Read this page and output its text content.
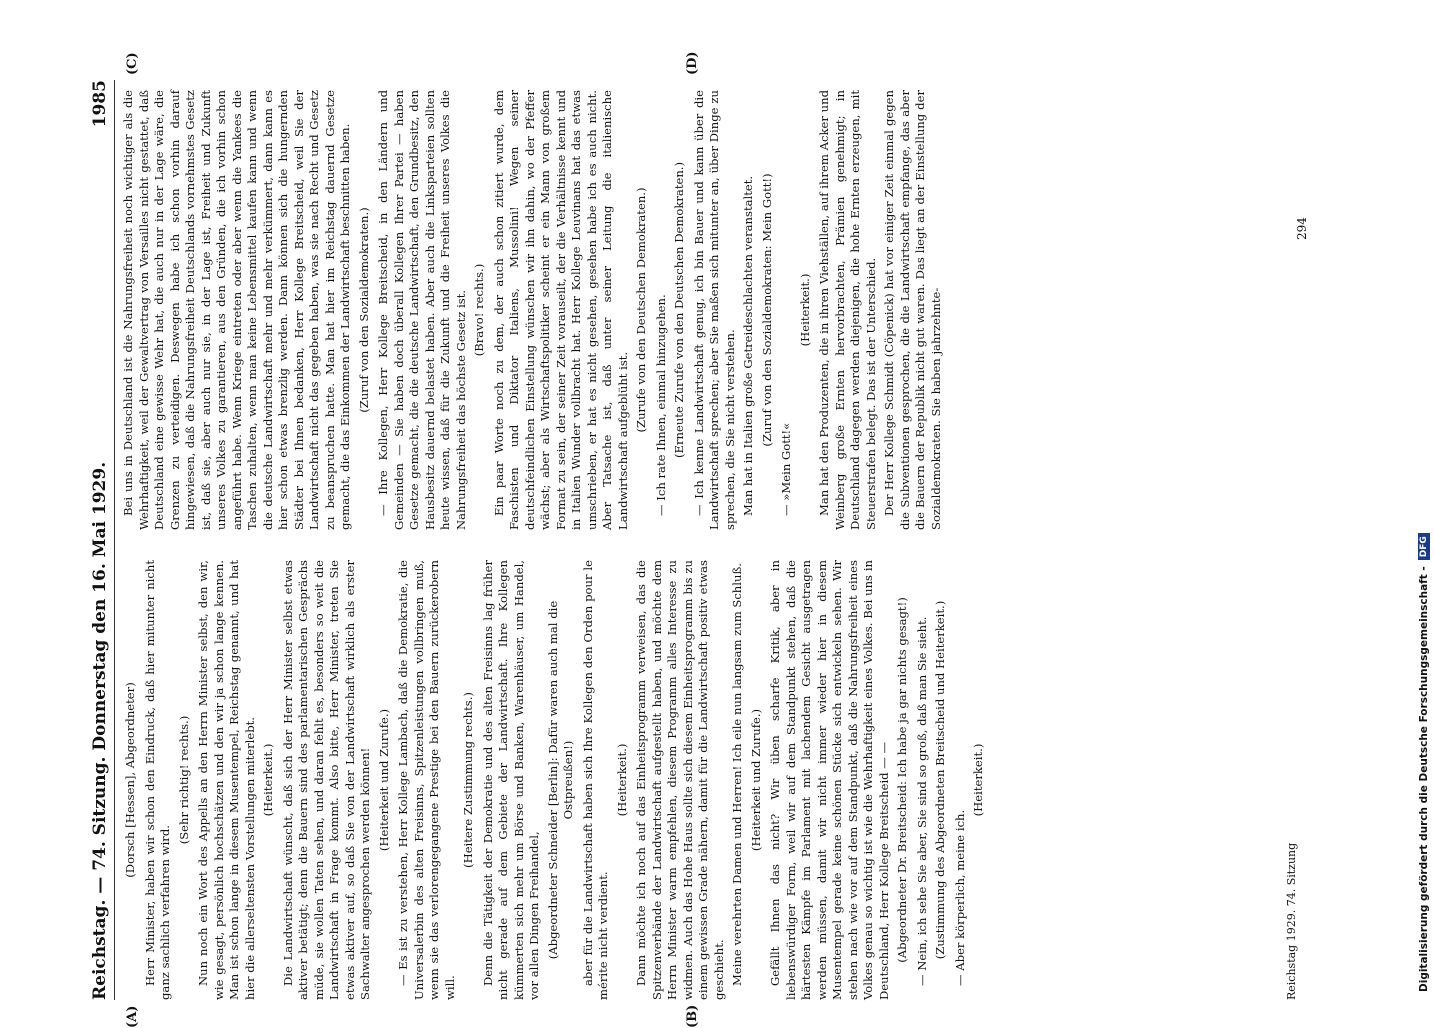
Reichstag. — 74. Sitzung. Donnerstag den 16. Mai 1929.
1985

(Dorsch [Hessen], Abgeordneter) Herr Minister, haben wir schon den Eindruck, daß hier mitunter nicht ganz sachlich verfahren wird.

(Sehr richtig! rechts.) Nun noch ein Wort des Appells an den Herrn Minister selbst, den wir, wie gesagt, persönlich hochschätzen und den wir ja schon lange kennen. Man ist schon lange in diesem Musentempel, Reichstag genannt, und hat hier die allerseltensten Vorstellungen miterlebt. (Heiterkeit.) Die Landwirtschaft wünscht, daß sich der Herr Minister selbst etwas aktiver betätigt; denn die Bauern sind des parlamentarischen Gesprächs müde, sie wollen Taten sehen, und daran fehlt es, besonders so weit die Landwirtschaft in Frage kommt. Also bitte, Herr Minister, treten Sie etwas aktiver auf, so daß Sie von der Landwirtschaft wirklich als erster Sachwalter angesprochen werden können! (Heiterkeit und Zurufe.) — Es ist zu verstehen, Herr Kollege Lambach, daß die Demokratie, die Universalerbin des alten Freisinns, Spitzenleistungen vollbringen muß, wenn sie das verlorengegangene Prestige bei den Bauern zurückerobern will.

(Heitere Zustimmung rechts.) Denn die Tätigkeit der Demokratie und des alten Freisinns lag früher nicht gerade auf dem Gebiete der Landwirtschaft. Ihre Kollegen kümmerten sich mehr um Börse und Banken, Warenhäuser, um Handel, vor allen Dingen Freihandel, (Abgeordneter Schneider [Berlin]: Dafür waren auch mal die Ostpreußen!) aber für die Landwirtschaft haben sich Ihre Kollegen den Orden pour le mérite nicht verdient.

(Heiterkeit.) Dann möchte ich noch auf das Einheitsprogramm verweisen, das die Spitzenverbände der Landwirtschaft aufgestellt haben, und möchte dem Herrn Minister warm empfehlen, diesem Programm alles Interesse zu widmen. Auch das Hohe Haus sollte sich diesem Einheitsprogramm bis zu einem gewissen Grade nähern, damit für die Landwirtschaft positiv etwas geschieht. Meine verehrten Damen und Herren! Ich eile nun langsam zum Schluß. (Heiterkeit und Zurufe.) Gefällt Ihnen das nicht? Wir üben scharfe Kritik, aber in liebenswürdiger Form, weil wir auf dem Standpunkt stehen, daß die härtesten Kämpfe im Parlament mit lachendem Gesicht ausgetragen werden müssen, damit wir nicht immer wieder hier in diesem Musentempel gerade keine schönen Stücke sich entwickeln sehen. Wir stehen nach wie vor auf dem Standpunkt, daß die Nahrungsfreiheit eines Volkes genau so wichtig ist wie die Wehrhaftigkeit eines Volkes. Bei uns in Deutschland, Herr Kollege Breitscheid — — (Abgeordneter Dr. Breitscheid: Ich habe ja gar nichts gesagt!) — Nein, ich sehe Sie aber, Sie sind so groß, daß man Sie sieht. (Zustimmung des Abgeordneten Breitscheid und Heiterkeit.) — Aber körperlich, meine ich.

(Heiterkeit.)

Bei uns in Deutschland ist die Nahrungsfreiheit noch wichtiger als die Wehrhaftigkeit, weil der Gewaltvertrag von Versailles nicht gestattet, daß Deutschland eine gewisse Wehr hat, die auch nur in der Lage wäre, die Grenzen zu verteidigen. Deswegen habe ich schon vorhin darauf hingewiesen, daß die Nahrungsfreiheit Deutschlands vornehmstes Gesetz ist, daß sie, aber auch nur sie, in der Lage ist, Freiheit und Zukunft unseres Volkes zu garantieren, aus den Gründen, die ich vorhin schon angeführt habe. Wenn Kriege eintreten oder aber wenn die Yankees die Taschen zuhalten, wenn man keine Lebensmittel kaufen kann und wenn die deutsche Landwirtschaft mehr und mehr verkümmert, dann kann es hier schon etwas brenzlig werden. Dann können sich die hungernden Städter bei Ihnen bedanken, Herr Kollege Breitscheid, weil Sie der Landwirtschaft nicht das gegeben haben, was sie nach Recht und Gesetz zu beanspruchen hatte. Man hat hier im Reichstag dauernd Gesetze gemacht, die das Einkommen der Landwirtschaft beschnitten haben. (Zuruf von den Sozialdemokraten.) — Ihre Kollegen, Herr Kollege Breitscheid, in den Ländern und Gemeinden — Sie haben doch überall Kollegen Ihrer Partei — haben Gesetze gemacht, die die deutsche Landwirtschaft, den Grundbesitz, den Hausbesitz dauernd belastet haben. Aber auch die Linksparteien sollten heute wissen, daß für die Zukunft und die Freiheit unseres Volkes die Nahrungsfreiheit das höchste Gesetz ist. (Bravo! rechts.) Ein paar Worte noch zu dem, der auch schon zitiert wurde, dem Faschisten und Diktator Italiens, Mussolini! Wegen seiner deutschfeindlichen Einstellung wünschen wir ihn dahin, wo der Pfeffer wächst; aber als Wirtschaftspolitiker scheint er ein Mann von großem Format zu sein, der seiner Zeit vorauseilt, der die Verhältnisse kennt und in Italien Wunder vollbracht hat. Herr Kollege Leuvinans hat das etwas umschrieben, er hat es nicht gesehen, gesehen habe ich es auch nicht. Aber Tatsache ist, daß unter seiner Leitung die italienische Landwirtschaft aufgeblüht ist.

(Zurufe von den Deutschen Demokraten.) — Ich rate Ihnen, einmal hinzugehen. (Erneute Zurufe von den Deutschen Demokraten.) — Ich kenne Landwirtschaft genug, ich bin Bauer und kann über die Landwirtschaft sprechen; aber Sie maßen sich mitunter an, über Dinge zu sprechen, die Sie nicht verstehen. Man hat in Italien große Getreideschlachten veranstaltet. (Zuruf von den Sozialdemokraten: Mein Gott!)

— »Mein Gott!«

(Heiterkeit.) Man hat den Produzenten, die in ihren Viehställen, auf ihrem Acker und Weinberg große Ernten hervorbrachten, Prämien genehmigt; in Deutschland dagegen werden diejenigen, die hohe Ernten erzeugen, mit Steuerstrafen belegt. Das ist der Unterschied. Der Herr Kollege Schmidt (Cöpenick) hat vor einiger Zeit einmal gegen die Subventionen gesprochen, die die Landwirtschaft empfange, das aber die Bauern der Republik nicht gut waren. Das liegt an der Einstellung der Sozialdemokraten. Sie haben jahrzehnte-

(A)	(B)
(C)	(D)
Reichstag 1929. 74. Sitzung
294
Digitalisierung gefördert durch die Deutsche Forschungsgemeinschaft -
DFG
